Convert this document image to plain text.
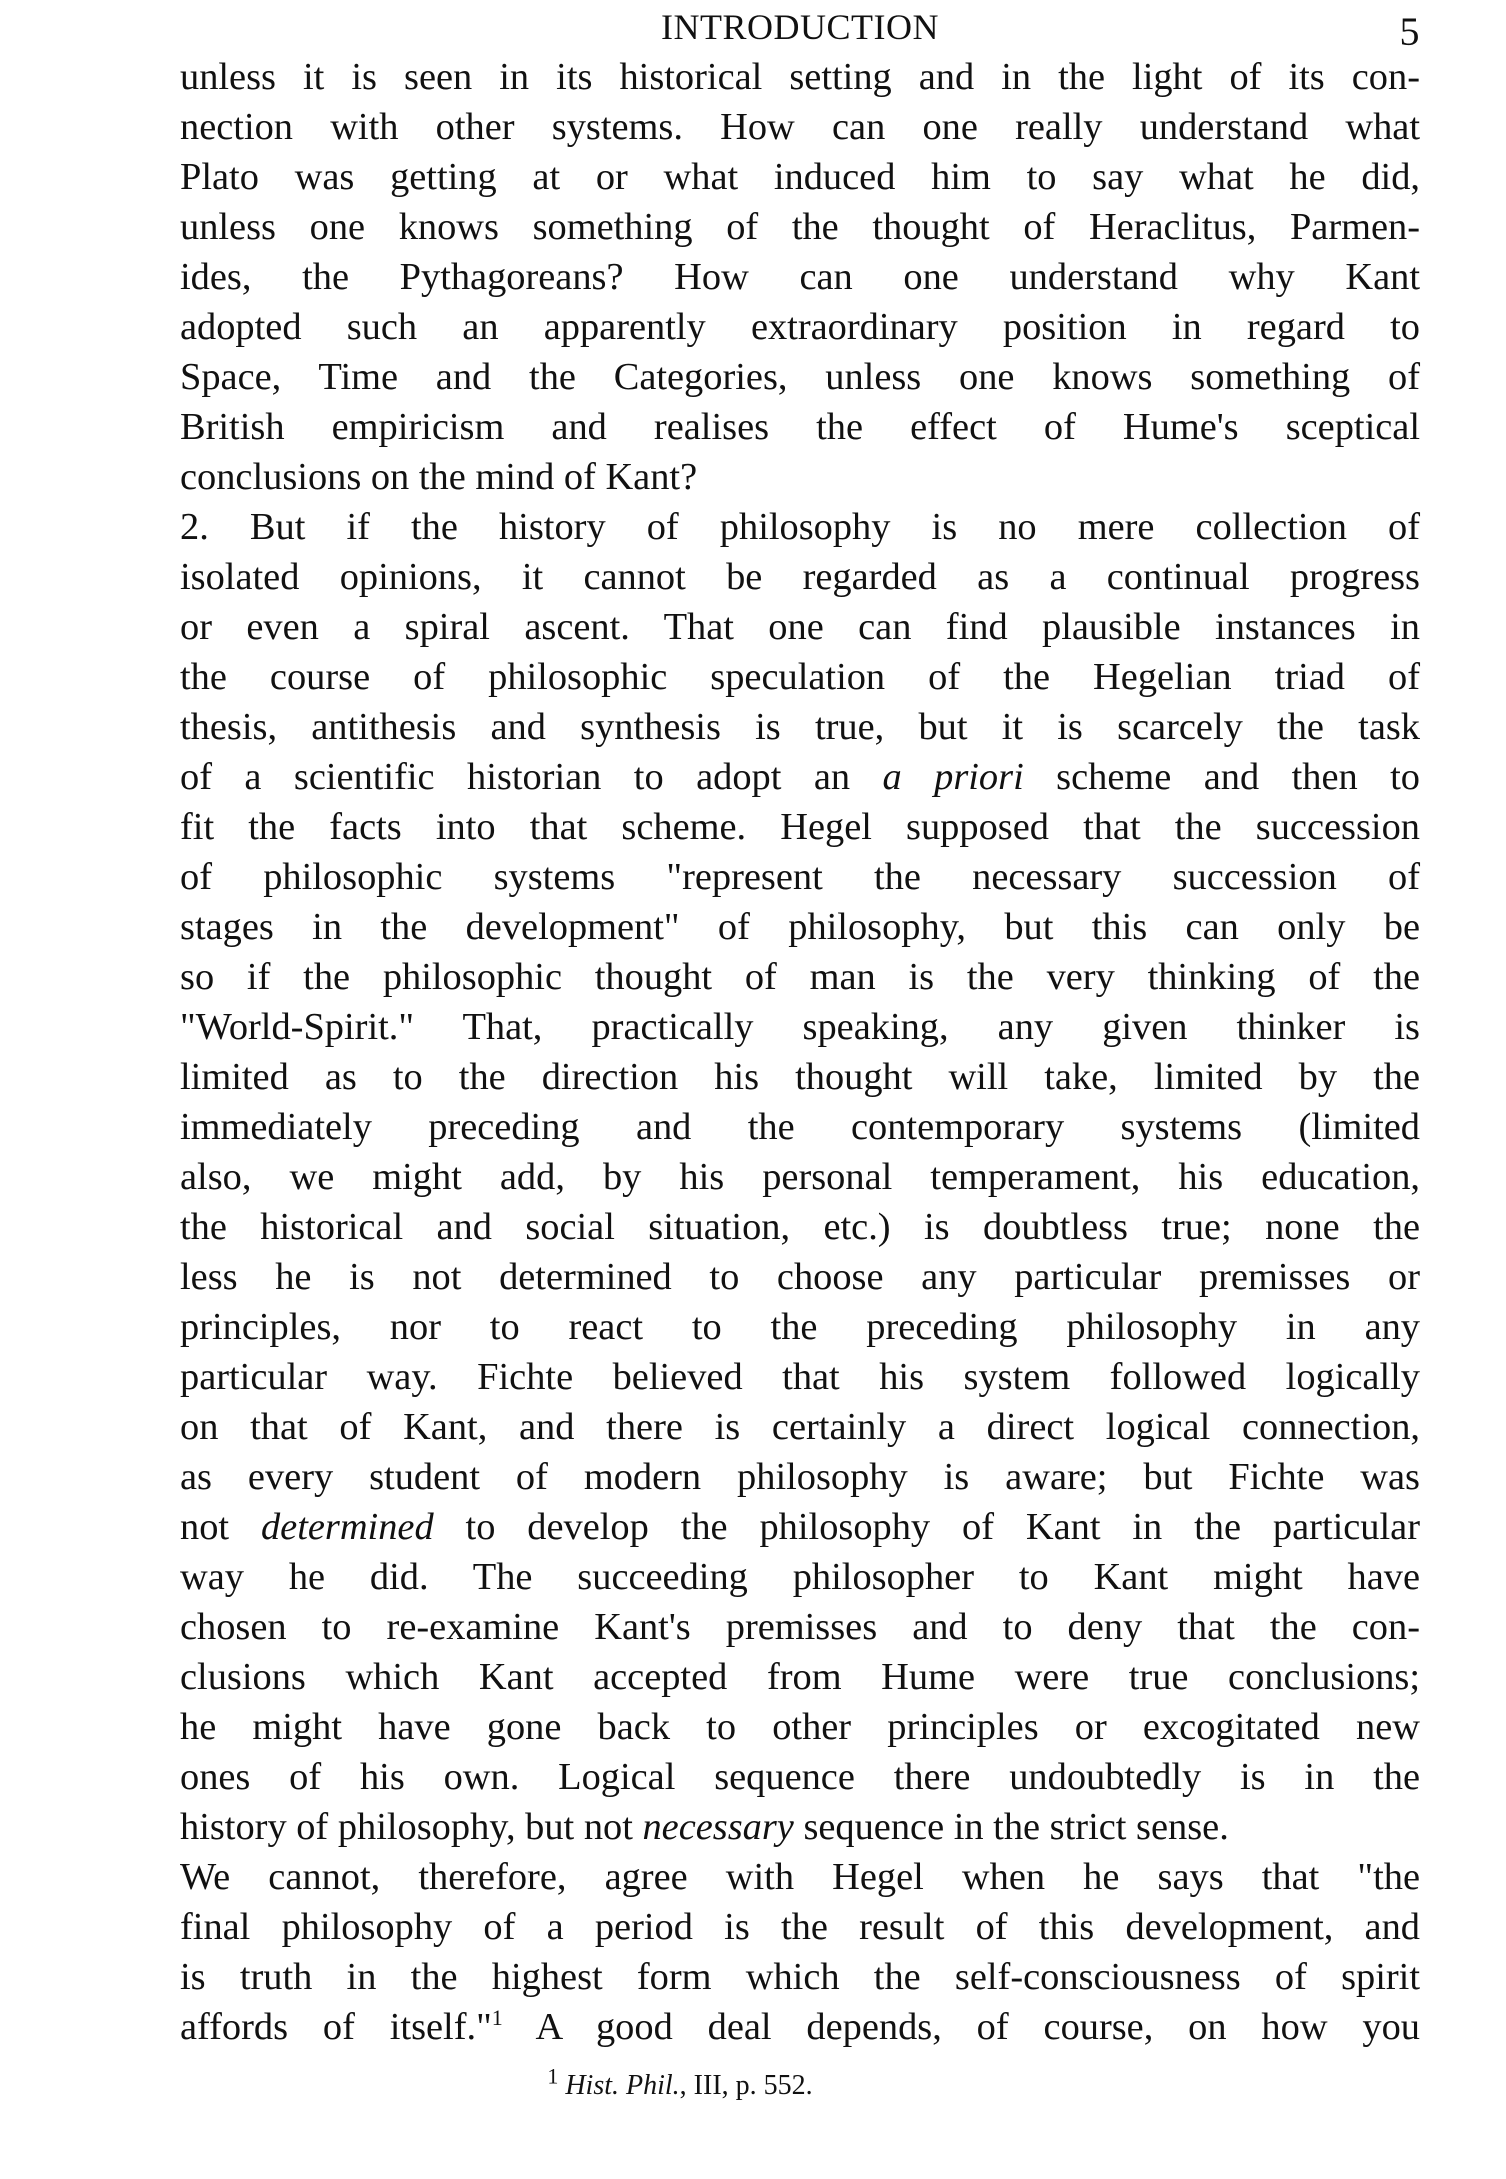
INTRODUCTION	5
unless it is seen in its historical setting and in the light of its con-
nection with other systems. How can one really understand what
Plato was getting at or what induced him to say what he did,
unless one knows something of the thought of Heraclitus, Parmen-
ides, the Pythagoreans? How can one understand why Kant
adopted such an apparently extraordinary position in regard to
Space, Time and the Categories, unless one knows something of
British empiricism and realises the effect of Hume's sceptical
conclusions on the mind of Kant?
2. But if the history of philosophy is no mere collection of
isolated opinions, it cannot be regarded as a continual progress
or even a spiral ascent. That one can find plausible instances in
the course of philosophic speculation of the Hegelian triad of
thesis, antithesis and synthesis is true, but it is scarcely the task
of a scientific historian to adopt an a priori scheme and then to
fit the facts into that scheme. Hegel supposed that the succession
of philosophic systems "represent the necessary succession of
stages in the development" of philosophy, but this can only be
so if the philosophic thought of man is the very thinking of the
"World-Spirit." That, practically speaking, any given thinker is
limited as to the direction his thought will take, limited by the
immediately preceding and the contemporary systems (limited
also, we might add, by his personal temperament, his education,
the historical and social situation, etc.) is doubtless true; none the
less he is not determined to choose any particular premisses or
principles, nor to react to the preceding philosophy in any
particular way. Fichte believed that his system followed logically
on that of Kant, and there is certainly a direct logical connection,
as every student of modern philosophy is aware; but Fichte was
not determined to develop the philosophy of Kant in the particular
way he did. The succeeding philosopher to Kant might have
chosen to re-examine Kant's premisses and to deny that the con-
clusions which Kant accepted from Hume were true conclusions;
he might have gone back to other principles or excogitated new
ones of his own. Logical sequence there undoubtedly is in the
history of philosophy, but not necessary sequence in the strict sense.
We cannot, therefore, agree with Hegel when he says that "the
final philosophy of a period is the result of this development, and
is truth in the highest form which the self-consciousness of spirit
affords of itself."$^1$ A good deal depends, of course, on how you
$^1$ Hist. Phil., III, p. 552.
